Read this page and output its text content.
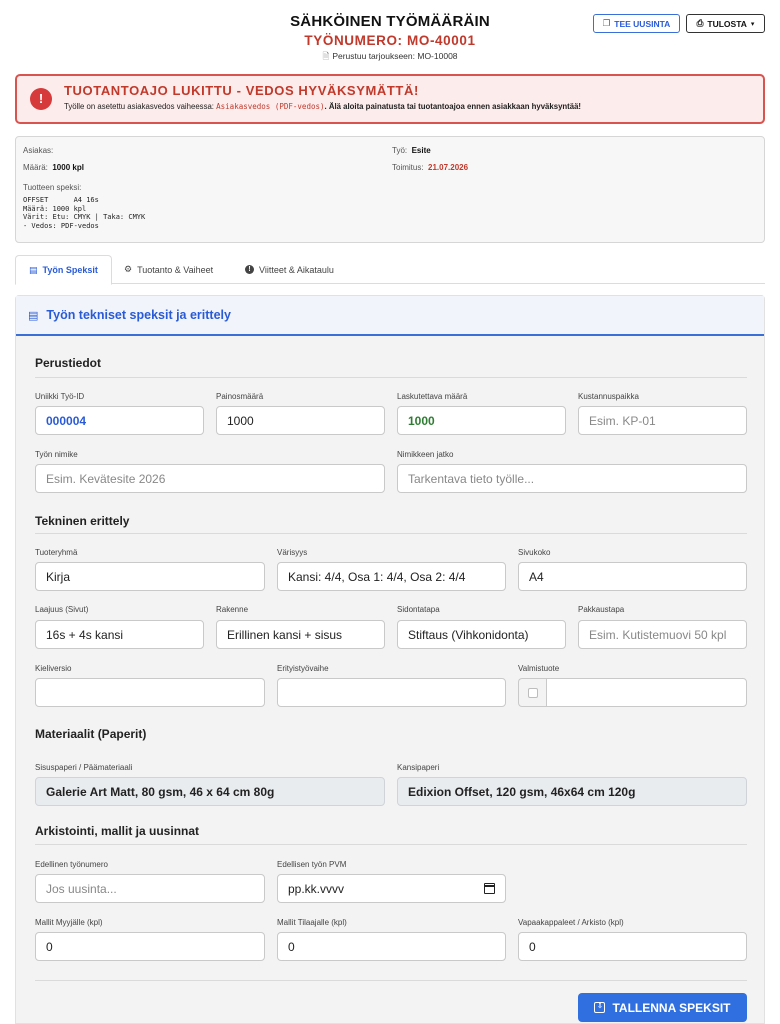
SÄHKÖINEN TYÖMÄÄRÄIN
TYÖNUMERO: MO-40001
🗎 Perustuu tarjoukseen: MO-10008
❐ TEE UUSINTA	⎙ TULOSTA ▾
!
TUOTANTOAJO LUKITTU - VEDOS HYVÄKSYMÄTTÄ!
Työlle on asetettu asiakasvedos vaiheessa: Asiakasvedos (PDF-vedos). Älä aloita painatusta tai tuotantoajoa ennen asiakkaan hyväksyntää!
Asiakas:
Määrä: 1000 kpl
Työ: Esite
Toimitus: 21.07.2026
Tuotteen speksi:
OFFSET      A4 16s
Määrä: 1000 kpl
Värit: Etu: CMYK | Taka: CMYK
- Vedos: PDF-vedos
▤ Työn Speksit	⚙ Tuotanto & Vaiheet	! Viitteet & Aikataulu
▤ Työn tekniset speksit ja erittely
Perustiedot
Uniikki Työ-ID
000004
Painosmäärä
1000
Laskutettava määrä
1000
Kustannuspaikka
Esim. KP-01
Työn nimike
Esim. Kevätesite 2026
Nimikkeen jatko
Tarkentava tieto työlle...
Tekninen erittely
Tuoteryhmä
Kirja
Värisyys
Kansi: 4/4, Osa 1: 4/4, Osa 2: 4/4
Sivukoko
A4
Laajuus (Sivut)
16s + 4s kansi
Rakenne
Erillinen kansi + sisus
Sidontatapa
Stiftaus (Vihkonidonta)
Pakkaustapa
Esim. Kutistemuovi 50 kpl
Kieliversio	Erityistyövaihe	Valmistuote
Materiaalit (Paperit)
Sisuspaperi / Päämateriaali
Galerie Art Matt, 80 gsm, 46 x 64 cm 80g
Kansipaperi
Edixion Offset, 120 gsm, 46x64 cm 120g
Arkistointi, mallit ja uusinnat
Edellinen työnumero
Jos uusinta...
Edellisen työn PVM
pp.kk.vvvv
Mallit Myyjälle (kpl)
0
Mallit Tilaajalle (kpl)
0
Vapaakappaleet / Arkisto (kpl)
0
⇩ TALLENNA SPEKSIT
